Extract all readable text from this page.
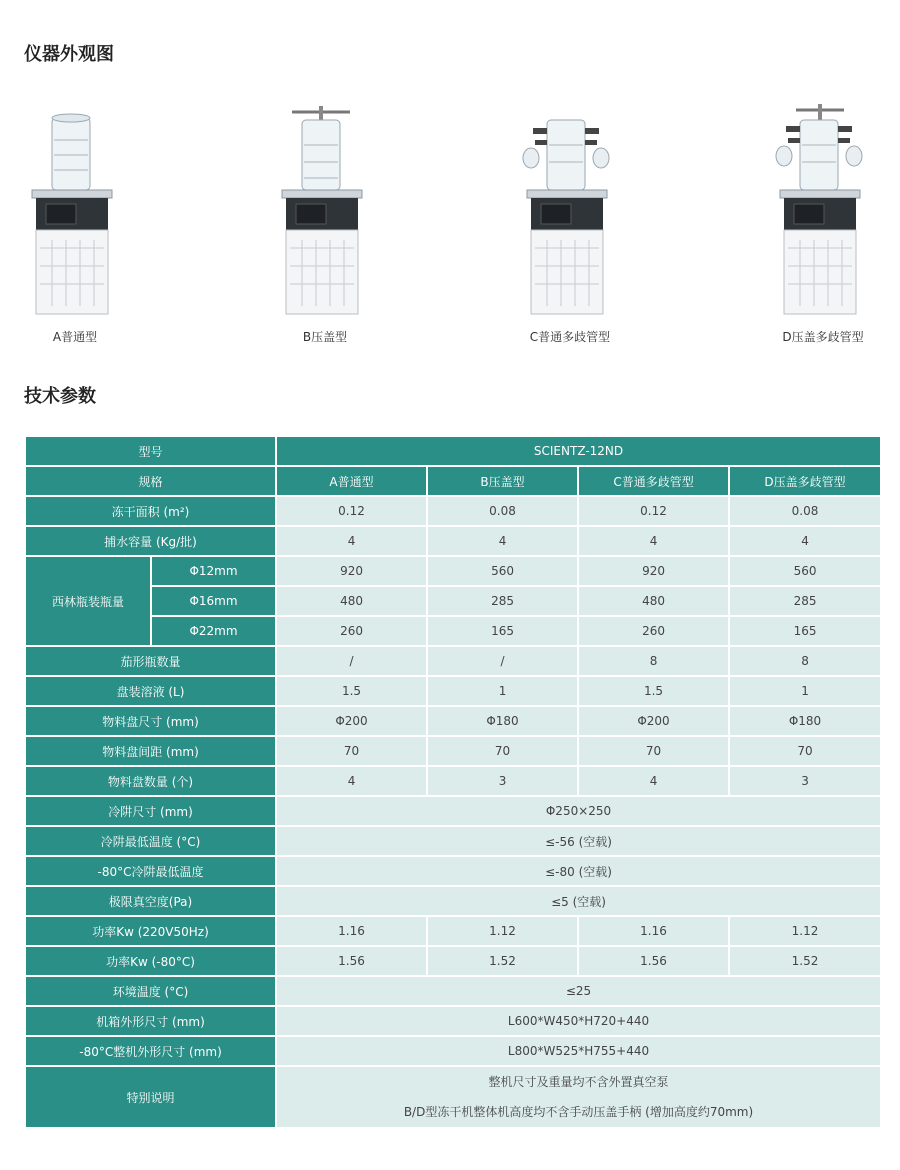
仪器外观图
A普通型	B压盖型	C普通多歧管型	D压盖多歧管型
技术参数
型号		SCIENTZ-12ND			
规格		A普通型	B压盖型	C普通多歧管型	D压盖多歧管型
冻干面积 (m²)		0.12	0.08	0.12	0.08
捕水容量 (Kg/批)		4	4	4	4
西林瓶装瓶量	Φ12mm	920	560	920	560
	Φ16mm	480	285	480	285
	Φ22mm	260	165	260	165
茄形瓶数量		/	/	8	8
盘装溶液 (L)		1.5	1	1.5	1
物料盘尺寸 (mm)		Φ200	Φ180	Φ200	Φ180
物料盘间距 (mm)		70	70	70	70
物料盘数量 (个)		4	3	4	3
冷阱尺寸 (mm)		Φ250×250			
冷阱最低温度 (°C)		≤-56 (空载)			
-80°C冷阱最低温度		≤-80 (空载)			
极限真空度(Pa)		≤5 (空载)			
功率Kw (220V50Hz)		1.16	1.12	1.16	1.12
功率Kw (-80°C)		1.56	1.52	1.56	1.52
环境温度 (°C)		≤25			
机箱外形尺寸 (mm)		L600*W450*H720+440			
-80°C整机外形尺寸 (mm)		L800*W525*H755+440			
特别说明		整机尺寸及重量均不含外置真空泵
B/D型冻干机整体机高度均不含手动压盖手柄 (增加高度约70mm)			
